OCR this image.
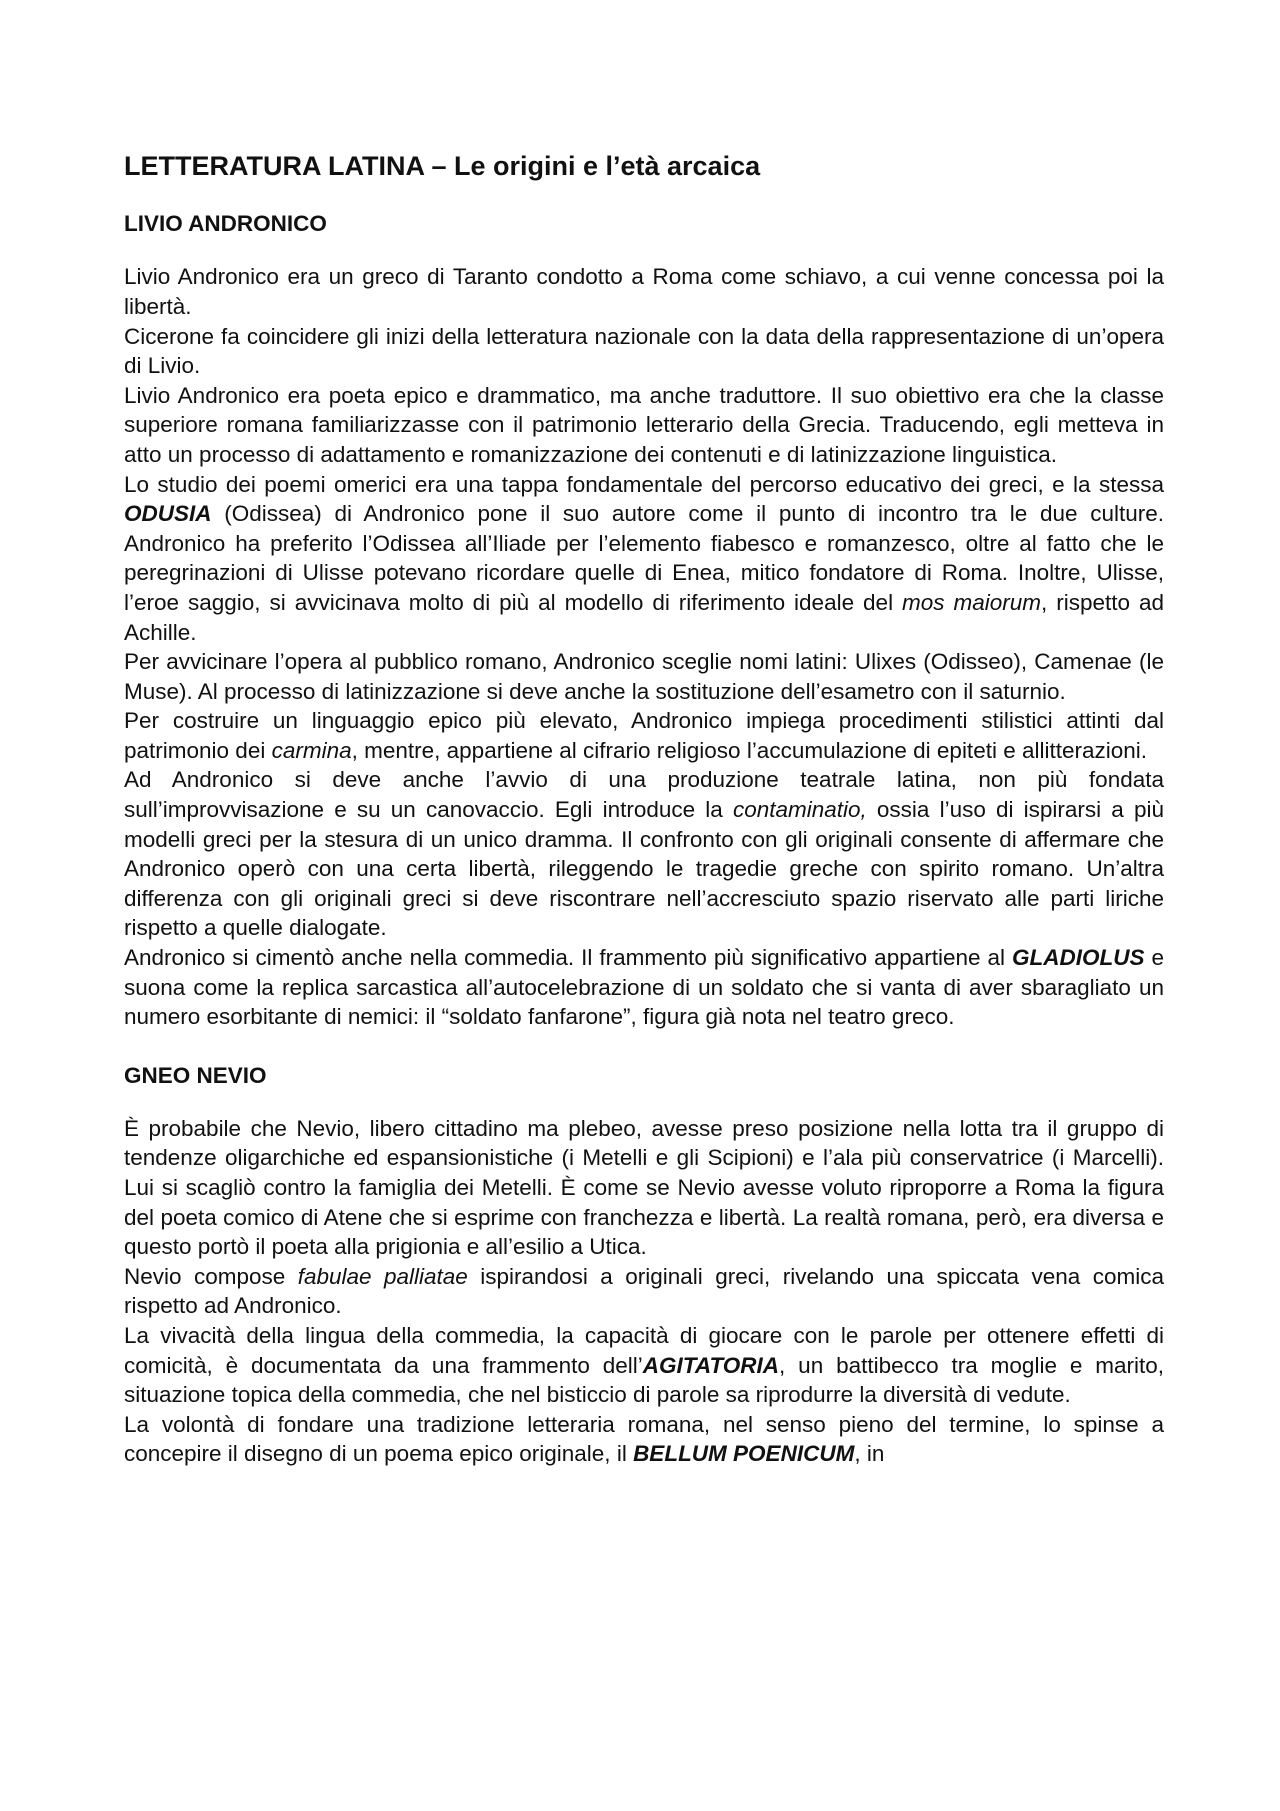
LETTERATURA LATINA – Le origini e l’età arcaica
LIVIO ANDRONICO

Livio Andronico era un greco di Taranto condotto a Roma come schiavo, a cui venne concessa poi la libertà.

Cicerone fa coincidere gli inizi della letteratura nazionale con la data della rappresentazione di un’opera di Livio.

Livio Andronico era poeta epico e drammatico, ma anche traduttore. Il suo obiettivo era che la classe superiore romana familiarizzasse con il patrimonio letterario della Grecia. Traducendo, egli metteva in atto un processo di adattamento e romanizzazione dei contenuti e di latinizzazione linguistica.

Lo studio dei poemi omerici era una tappa fondamentale del percorso educativo dei greci, e la stessa ODUSIA (Odissea) di Andronico pone il suo autore come il punto di incontro tra le due culture. Andronico ha preferito l’Odissea all’Iliade per l’elemento fiabesco e romanzesco, oltre al fatto che le peregrinazioni di Ulisse potevano ricordare quelle di Enea, mitico fondatore di Roma. Inoltre, Ulisse, l’eroe saggio, si avvicinava molto di più al modello di riferimento ideale del mos maiorum, rispetto ad Achille.

Per avvicinare l’opera al pubblico romano, Andronico sceglie nomi latini: Ulixes (Odisseo), Camenae (le Muse). Al processo di latinizzazione si deve anche la sostituzione dell’esametro con il saturnio.

Per costruire un linguaggio epico più elevato, Andronico impiega procedimenti stilistici attinti dal patrimonio dei carmina, mentre, appartiene al cifrario religioso l’accumulazione di epiteti e allitterazioni.

Ad Andronico si deve anche l’avvio di una produzione teatrale latina, non più fondata sull’improvvisazione e su un canovaccio. Egli introduce la contaminatio, ossia l’uso di ispirarsi a più modelli greci per la stesura di un unico dramma. Il confronto con gli originali consente di affermare che Andronico operò con una certa libertà, rileggendo le tragedie greche con spirito romano. Un’altra differenza con gli originali greci si deve riscontrare nell’accresciuto spazio riservato alle parti liriche rispetto a quelle dialogate.

Andronico si cimentò anche nella commedia. Il frammento più significativo appartiene al GLADIOLUS e suona come la replica sarcastica all’autocelebrazione di un soldato che si vanta di aver sbaragliato un numero esorbitante di nemici: il “soldato fanfarone”, figura già nota nel teatro greco.

GNEO NEVIO

È probabile che Nevio, libero cittadino ma plebeo, avesse preso posizione nella lotta tra il gruppo di tendenze oligarchiche ed espansionistiche (i Metelli e gli Scipioni) e l’ala più conservatrice (i Marcelli). Lui si scagliò contro la famiglia dei Metelli. È come se Nevio avesse voluto riproporre a Roma la figura del poeta comico di Atene che si esprime con franchezza e libertà. La realtà romana, però, era diversa e questo portò il poeta alla prigionia e all’esilio a Utica.

Nevio compose fabulae palliatae ispirandosi a originali greci, rivelando una spiccata vena comica rispetto ad Andronico.

La vivacità della lingua della commedia, la capacità di giocare con le parole per ottenere effetti di comicità, è documentata da una frammento dell’AGITATORIA, un battibecco tra moglie e marito, situazione topica della commedia, che nel bisticcio di parole sa riprodurre la diversità di vedute.

La volontà di fondare una tradizione letteraria romana, nel senso pieno del termine, lo spinse a concepire il disegno di un poema epico originale, il BELLUM POENICUM, in
